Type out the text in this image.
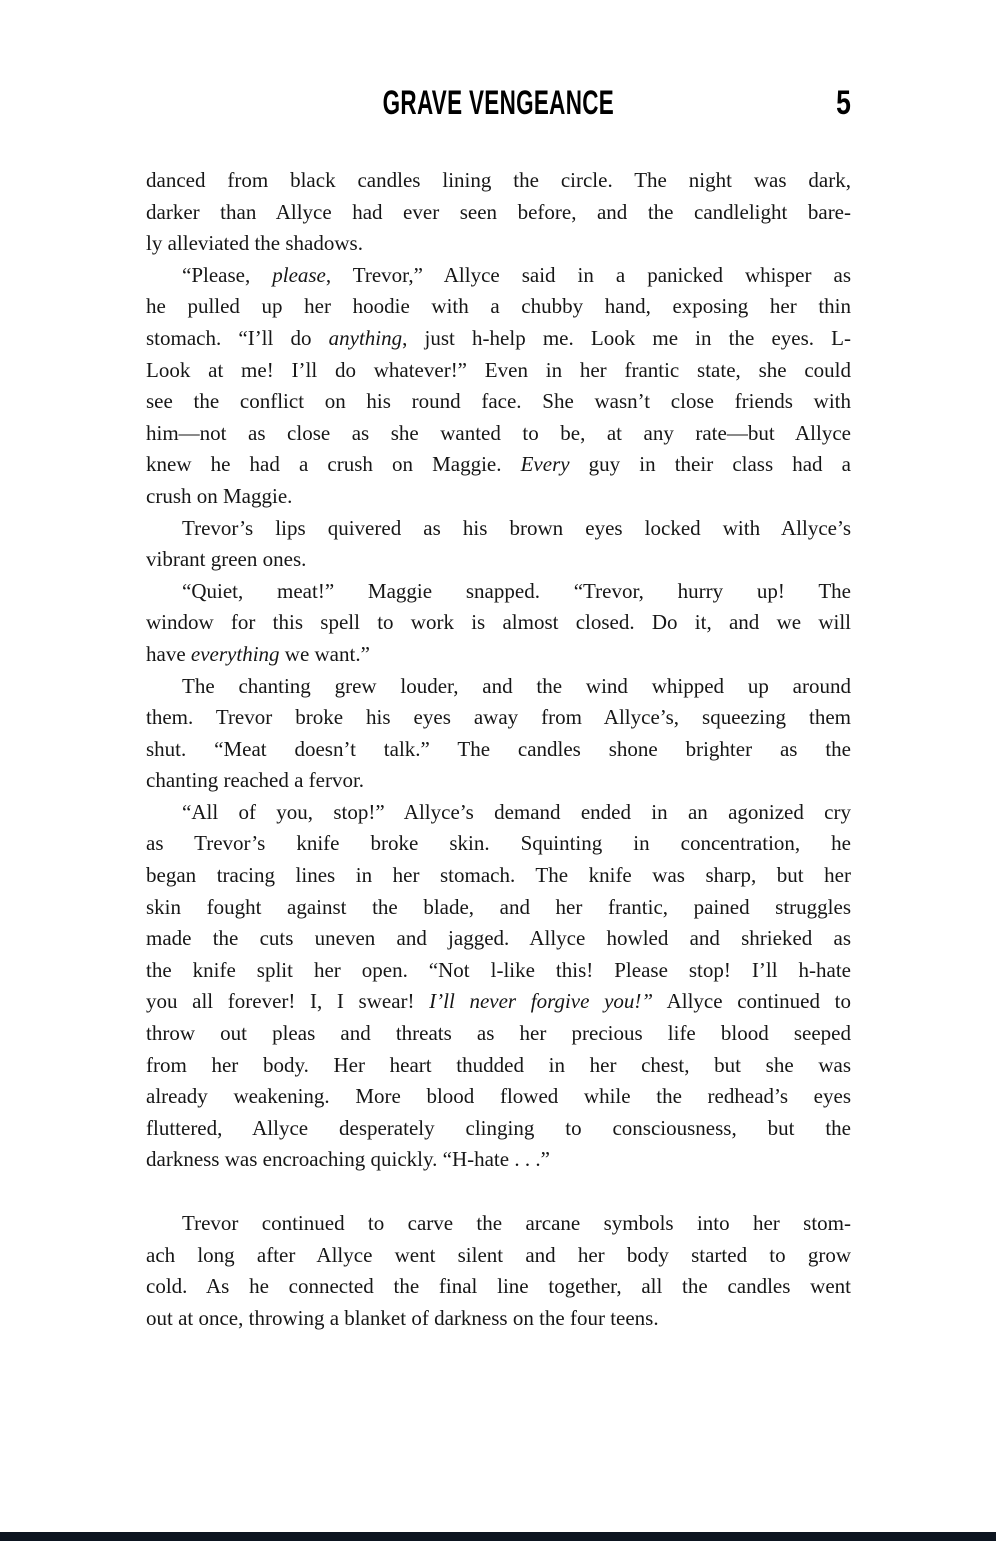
GRAVE VENGEANCE	5
danced from black candles lining the circle. The night was dark,
darker than Allyce had ever seen before, and the candlelight bare-
ly alleviated the shadows.
“Please, please, Trevor,” Allyce said in a panicked whisper as
he pulled up her hoodie with a chubby hand, exposing her thin
stomach. “I’ll do anything, just h-help me. Look me in the eyes. L-
Look at me! I’ll do whatever!” Even in her frantic state, she could
see the conflict on his round face. She wasn’t close friends with
him—not as close as she wanted to be, at any rate—but Allyce
knew he had a crush on Maggie. Every guy in their class had a
crush on Maggie.
Trevor’s lips quivered as his brown eyes locked with Allyce’s
vibrant green ones.
“Quiet, meat!” Maggie snapped. “Trevor, hurry up! The
window for this spell to work is almost closed. Do it, and we will
have everything we want.”
The chanting grew louder, and the wind whipped up around
them. Trevor broke his eyes away from Allyce’s, squeezing them
shut. “Meat doesn’t talk.” The candles shone brighter as the
chanting reached a fervor.
“All of you, stop!” Allyce’s demand ended in an agonized cry
as Trevor’s knife broke skin. Squinting in concentration, he
began tracing lines in her stomach. The knife was sharp, but her
skin fought against the blade, and her frantic, pained struggles
made the cuts uneven and jagged. Allyce howled and shrieked as
the knife split her open. “Not l-like this! Please stop! I’ll h-hate
you all forever! I, I swear! I’ll never forgive you!” Allyce continued to
throw out pleas and threats as her precious life blood seeped
from her body. Her heart thudded in her chest, but she was
already weakening. More blood flowed while the redhead’s eyes
fluttered, Allyce desperately clinging to consciousness, but the
darkness was encroaching quickly. “H-hate . . .”
Trevor continued to carve the arcane symbols into her stom-
ach long after Allyce went silent and her body started to grow
cold. As he connected the final line together, all the candles went
out at once, throwing a blanket of darkness on the four teens.
